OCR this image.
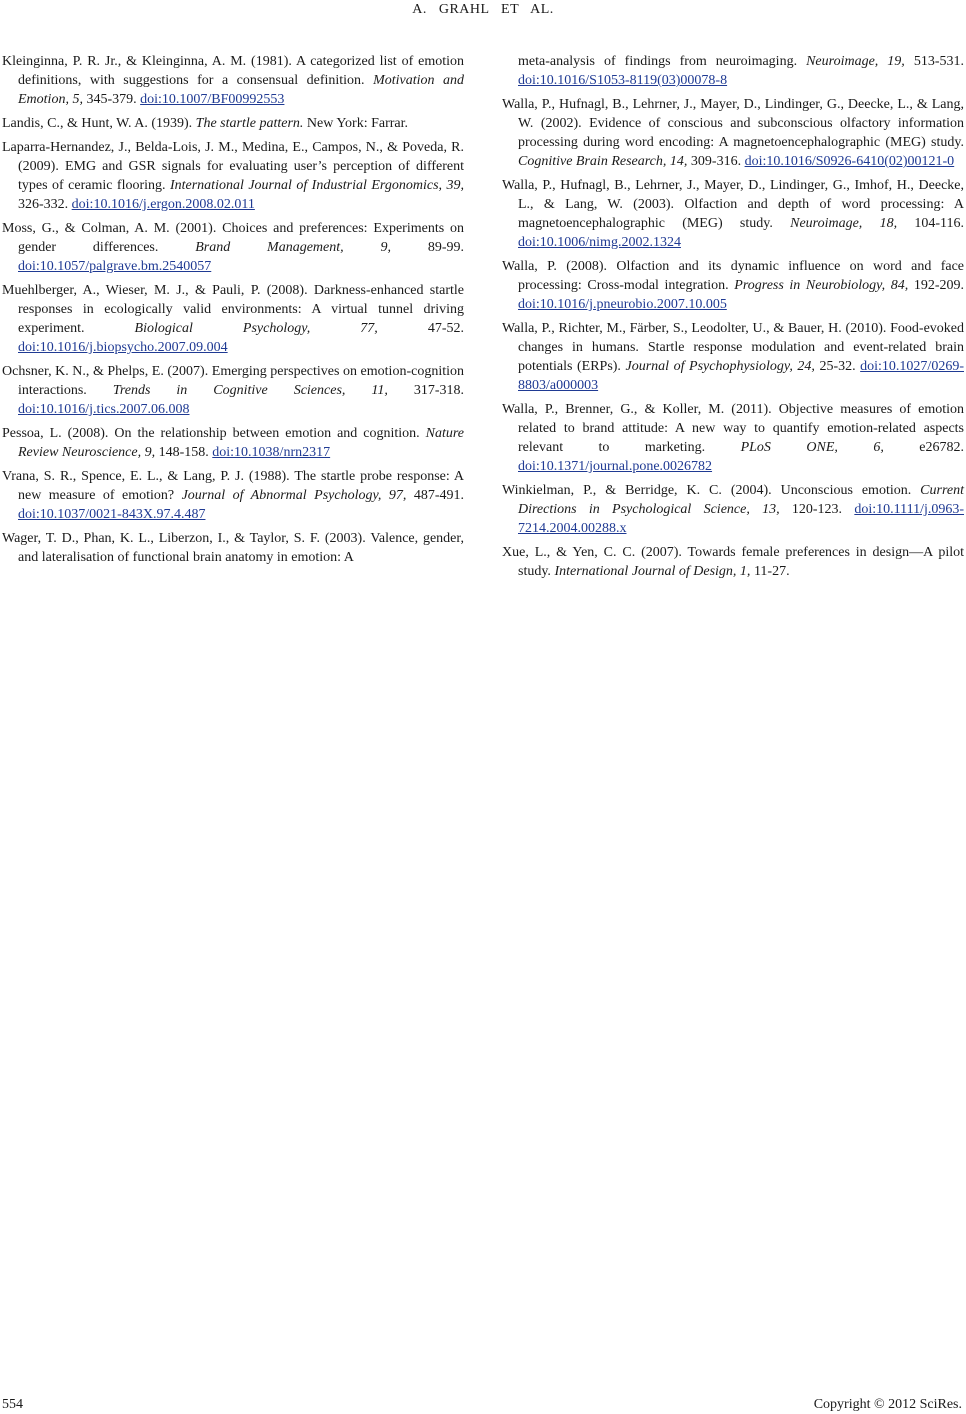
A. GRAHL ET AL.

Kleinginna, P. R. Jr., & Kleinginna, A. M. (1981). A categorized list of emotion definitions, with suggestions for a consensual definition. Motivation and Emotion, 5, 345-379. doi:10.1007/BF00992553

Landis, C., & Hunt, W. A. (1939). The startle pattern. New York: Farrar.

Laparra-Hernandez, J., Belda-Lois, J. M., Medina, E., Campos, N., & Poveda, R. (2009). EMG and GSR signals for evaluating user’s perception of different types of ceramic flooring. International Journal of Industrial Ergonomics, 39, 326-332. doi:10.1016/j.ergon.2008.02.011

Moss, G., & Colman, A. M. (2001). Choices and preferences: Experiments on gender differences. Brand Management, 9, 89-99. doi:10.1057/palgrave.bm.2540057

Muehlberger, A., Wieser, M. J., & Pauli, P. (2008). Darkness-enhanced startle responses in ecologically valid environments: A virtual tunnel driving experiment. Biological Psychology, 77, 47-52. doi:10.1016/j.biopsycho.2007.09.004

Ochsner, K. N., & Phelps, E. (2007). Emerging perspectives on emotion-cognition interactions. Trends in Cognitive Sciences, 11, 317-318. doi:10.1016/j.tics.2007.06.008

Pessoa, L. (2008). On the relationship between emotion and cognition. Nature Review Neuroscience, 9, 148-158. doi:10.1038/nrn2317

Vrana, S. R., Spence, E. L., & Lang, P. J. (1988). The startle probe response: A new measure of emotion? Journal of Abnormal Psychology, 97, 487-491. doi:10.1037/0021-843X.97.4.487

Wager, T. D., Phan, K. L., Liberzon, I., & Taylor, S. F. (2003). Valence, gender, and lateralisation of functional brain anatomy in emotion: A

meta-analysis of findings from neuroimaging. Neuroimage, 19, 513-531. doi:10.1016/S1053-8119(03)00078-8

Walla, P., Hufnagl, B., Lehrner, J., Mayer, D., Lindinger, G., Deecke, L., & Lang, W. (2002). Evidence of conscious and subconscious olfactory information processing during word encoding: A magnetoencephalographic (MEG) study. Cognitive Brain Research, 14, 309-316. doi:10.1016/S0926-6410(02)00121-0

Walla, P., Hufnagl, B., Lehrner, J., Mayer, D., Lindinger, G., Imhof, H., Deecke, L., & Lang, W. (2003). Olfaction and depth of word processing: A magnetoencephalographic (MEG) study. Neuroimage, 18, 104-116. doi:10.1006/nimg.2002.1324

Walla, P. (2008). Olfaction and its dynamic influence on word and face processing: Cross-modal integration. Progress in Neurobiology, 84, 192-209. doi:10.1016/j.pneurobio.2007.10.005

Walla, P., Richter, M., Färber, S., Leodolter, U., & Bauer, H. (2010). Food-evoked changes in humans. Startle response modulation and event-related brain potentials (ERPs). Journal of Psychophysiology, 24, 25-32. doi:10.1027/0269-8803/a000003

Walla, P., Brenner, G., & Koller, M. (2011). Objective measures of emotion related to brand attitude: A new way to quantify emotion-related aspects relevant to marketing. PLoS ONE, 6, e26782. doi:10.1371/journal.pone.0026782

Winkielman, P., & Berridge, K. C. (2004). Unconscious emotion. Current Directions in Psychological Science, 13, 120-123. doi:10.1111/j.0963-7214.2004.00288.x

Xue, L., & Yen, C. C. (2007). Towards female preferences in design—A pilot study. International Journal of Design, 1, 11-27.

554	Copyright © 2012 SciRes.
